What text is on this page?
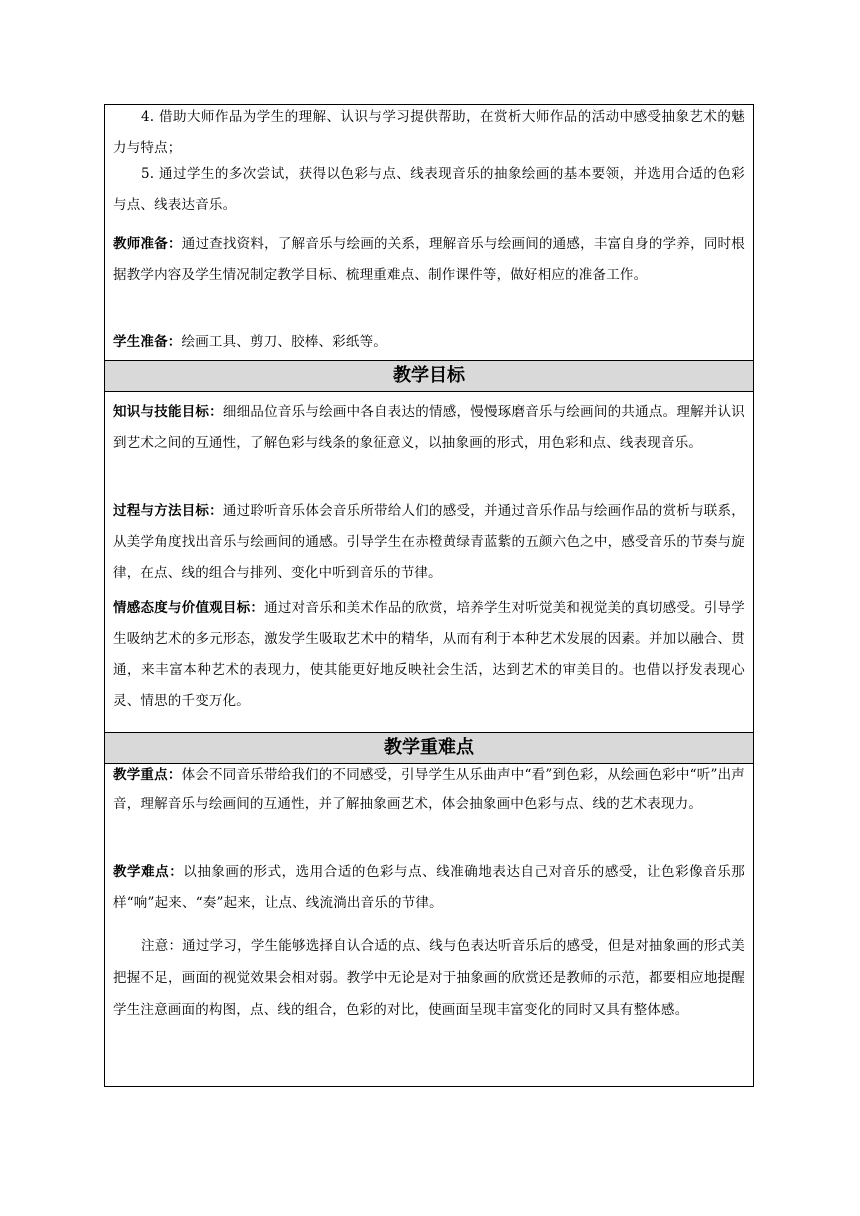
4. 借助大师作品为学生的理解、认识与学习提供帮助，在赏析大师作品的活动中感受抽象艺术的魅力与特点；
5. 通过学生的多次尝试，获得以色彩与点、线表现音乐的抽象绘画的基本要领，并选用合适的色彩与点、线表达音乐。
教师准备：通过查找资料，了解音乐与绘画的关系，理解音乐与绘画间的通感，丰富自身的学养，同时根据教学内容及学生情况制定教学目标、梳理重难点、制作课件等，做好相应的准备工作。
学生准备：绘画工具、剪刀、胶棒、彩纸等。
教学目标
知识与技能目标：细细品位音乐与绘画中各自表达的情感，慢慢琢磨音乐与绘画间的共通点。理解并认识到艺术之间的互通性，了解色彩与线条的象征意义，以抽象画的形式，用色彩和点、线表现音乐。
过程与方法目标：通过聆听音乐体会音乐所带给人们的感受，并通过音乐作品与绘画作品的赏析与联系，从美学角度找出音乐与绘画间的通感。引导学生在赤橙黄绿青蓝紫的五颜六色之中，感受音乐的节奏与旋律，在点、线的组合与排列、变化中听到音乐的节律。
情感态度与价值观目标：通过对音乐和美术作品的欣赏，培养学生对听觉美和视觉美的真切感受。引导学生吸纳艺术的多元形态，激发学生吸取艺术中的精华，从而有利于本种艺术发展的因素。并加以融合、贯通，来丰富本种艺术的表现力，使其能更好地反映社会生活，达到艺术的审美目的。也借以抒发表现心灵、情思的千变万化。
教学重难点
教学重点：体会不同音乐带给我们的不同感受，引导学生从乐曲声中“看”到色彩，从绘画色彩中“听”出声音，理解音乐与绘画间的互通性，并了解抽象画艺术，体会抽象画中色彩与点、线的艺术表现力。
教学难点：以抽象画的形式，选用合适的色彩与点、线准确地表达自己对音乐的感受，让色彩像音乐那样“响”起来、“奏”起来，让点、线流淌出音乐的节律。
注意：通过学习，学生能够选择自认合适的点、线与色表达听音乐后的感受，但是对抽象画的形式美把握不足，画面的视觉效果会相对弱。教学中无论是对于抽象画的欣赏还是教师的示范，都要相应地提醒学生注意画面的构图，点、线的组合，色彩的对比，使画面呈现丰富变化的同时又具有整体感。
